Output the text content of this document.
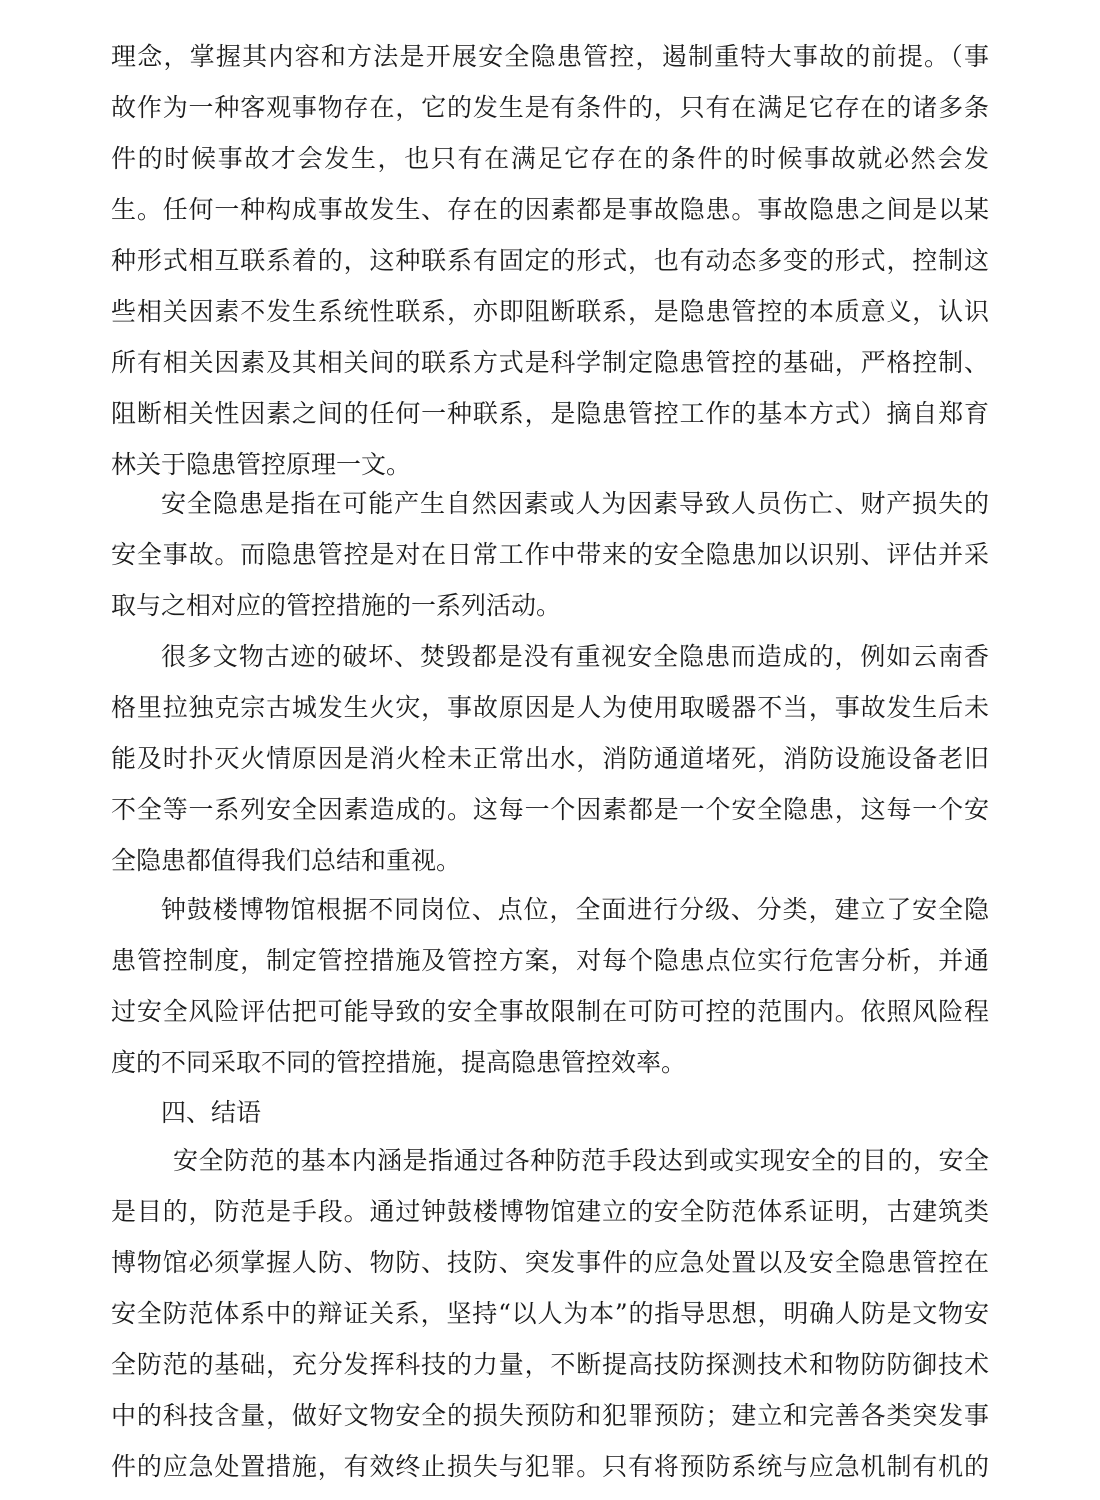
理念，掌握其内容和方法是开展安全隐患管控，遏制重特大事故的前提。（事
故作为一种客观事物存在，它的发生是有条件的，只有在满足它存在的诸多条
件的时候事故才会发生，也只有在满足它存在的条件的时候事故就必然会发
生。任何一种构成事故发生、存在的因素都是事故隐患。事故隐患之间是以某
种形式相互联系着的，这种联系有固定的形式，也有动态多变的形式，控制这
些相关因素不发生系统性联系，亦即阻断联系，是隐患管控的本质意义，认识
所有相关因素及其相关间的联系方式是科学制定隐患管控的基础，严格控制、
阻断相关性因素之间的任何一种联系，是隐患管控工作的基本方式）摘自郑育
林关于隐患管控原理一文。
安全隐患是指在可能产生自然因素或人为因素导致人员伤亡、财产损失的
安全事故。而隐患管控是对在日常工作中带来的安全隐患加以识别、评估并采
取与之相对应的管控措施的一系列活动。
很多文物古迹的破坏、焚毁都是没有重视安全隐患而造成的，例如云南香
格里拉独克宗古城发生火灾，事故原因是人为使用取暖器不当，事故发生后未
能及时扑灭火情原因是消火栓未正常出水，消防通道堵死，消防设施设备老旧
不全等一系列安全因素造成的。这每一个因素都是一个安全隐患，这每一个安
全隐患都值得我们总结和重视。
钟鼓楼博物馆根据不同岗位、点位，全面进行分级、分类，建立了安全隐
患管控制度，制定管控措施及管控方案，对每个隐患点位实行危害分析，并通
过安全风险评估把可能导致的安全事故限制在可防可控的范围内。依照风险程
度的不同采取不同的管控措施，提高隐患管控效率。
四、结语
安全防范的基本内涵是指通过各种防范手段达到或实现安全的目的，安全
是目的，防范是手段。通过钟鼓楼博物馆建立的安全防范体系证明，古建筑类
博物馆必须掌握人防、物防、技防、突发事件的应急处置以及安全隐患管控在
安全防范体系中的辩证关系，坚持“以人为本”的指导思想，明确人防是文物安
全防范的基础，充分发挥科技的力量，不断提高技防探测技术和物防防御技术
中的科技含量，做好文物安全的损失预防和犯罪预防；建立和完善各类突发事
件的应急处置措施，有效终止损失与犯罪。只有将预防系统与应急机制有机的
